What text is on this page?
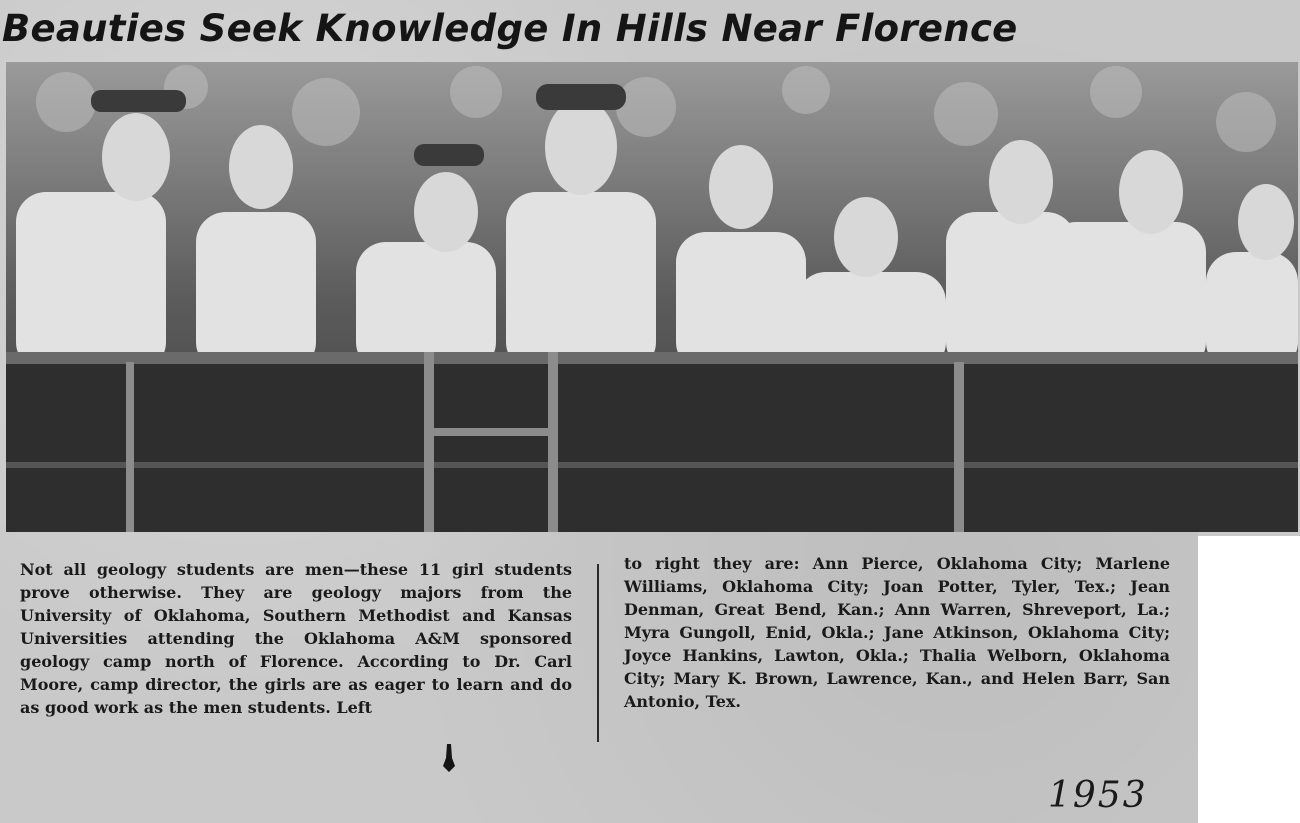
Beauties Seek Knowledge In Hills Near Florence

Not all geology students are men—these 11 girl students prove otherwise. They are geology majors from the University of Oklahoma, Southern Methodist and Kansas Universities attending the Oklahoma A&M sponsored geology camp north of Florence. According to Dr. Carl Moore, camp director, the girls are as eager to learn and do as good work as the men students. Left

to right they are: Ann Pierce, Oklahoma City; Marlene Williams, Oklahoma City; Joan Potter, Tyler, Tex.; Jean Denman, Great Bend, Kan.; Ann Warren, Shreveport, La.; Myra Gungoll, Enid, Okla.; Jane Atkinson, Oklahoma City; Joyce Hankins, Lawton, Okla.; Thalia Welborn, Oklahoma City; Mary K. Brown, Lawrence, Kan., and Helen Barr, San Antonio, Tex.

1953
